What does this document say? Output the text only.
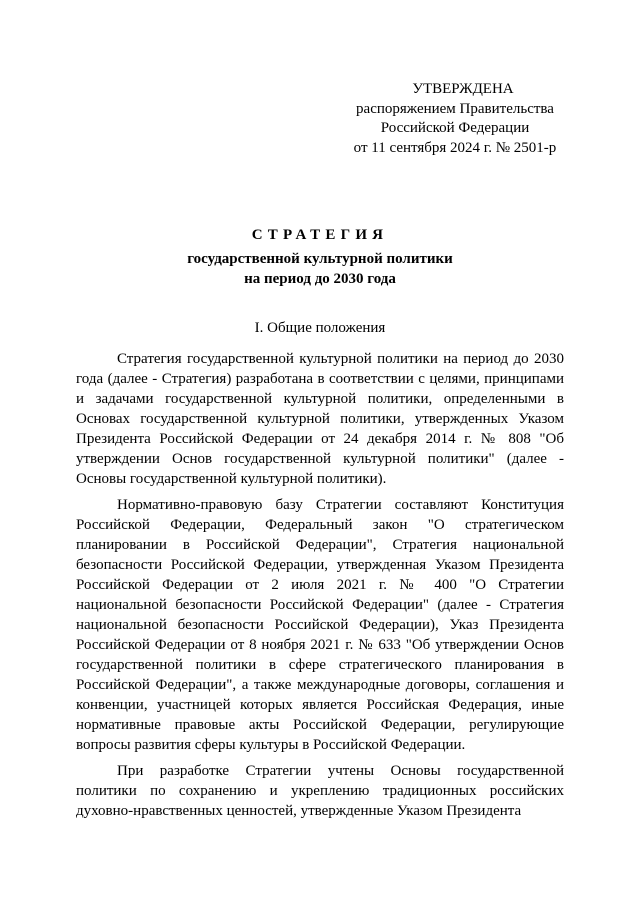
УТВЕРЖДЕНА
распоряжением Правительства
Российской Федерации
от 11 сентября 2024 г. № 2501-р
СТРАТЕГИЯ
государственной культурной политики
на период до 2030 года
I. Общие положения

Стратегия государственной культурной политики на период до 2030 года (далее - Стратегия) разработана в соответствии с целями, принципами и задачами государственной культурной политики, определенными в Основах государственной культурной политики, утвержденных Указом Президента Российской Федерации от 24 декабря 2014 г. № 808 "Об утверждении Основ государственной культурной политики" (далее - Основы государственной культурной политики).

Нормативно-правовую базу Стратегии составляют Конституция Российской Федерации, Федеральный закон "О стратегическом планировании в Российской Федерации", Стратегия национальной безопасности Российской Федерации, утвержденная Указом Президента Российской Федерации от 2 июля 2021 г. № 400 "О Стратегии национальной безопасности Российской Федерации" (далее - Стратегия национальной безопасности Российской Федерации), Указ Президента Российской Федерации от 8 ноября 2021 г. № 633 "Об утверждении Основ государственной политики в сфере стратегического планирования в Российской Федерации", а также международные договоры, соглашения и конвенции, участницей которых является Российская Федерация, иные нормативные правовые акты Российской Федерации, регулирующие вопросы развития сферы культуры в Российской Федерации.

При разработке Стратегии учтены Основы государственной политики по сохранению и укреплению традиционных российских духовно-нравственных ценностей, утвержденные Указом Президента
